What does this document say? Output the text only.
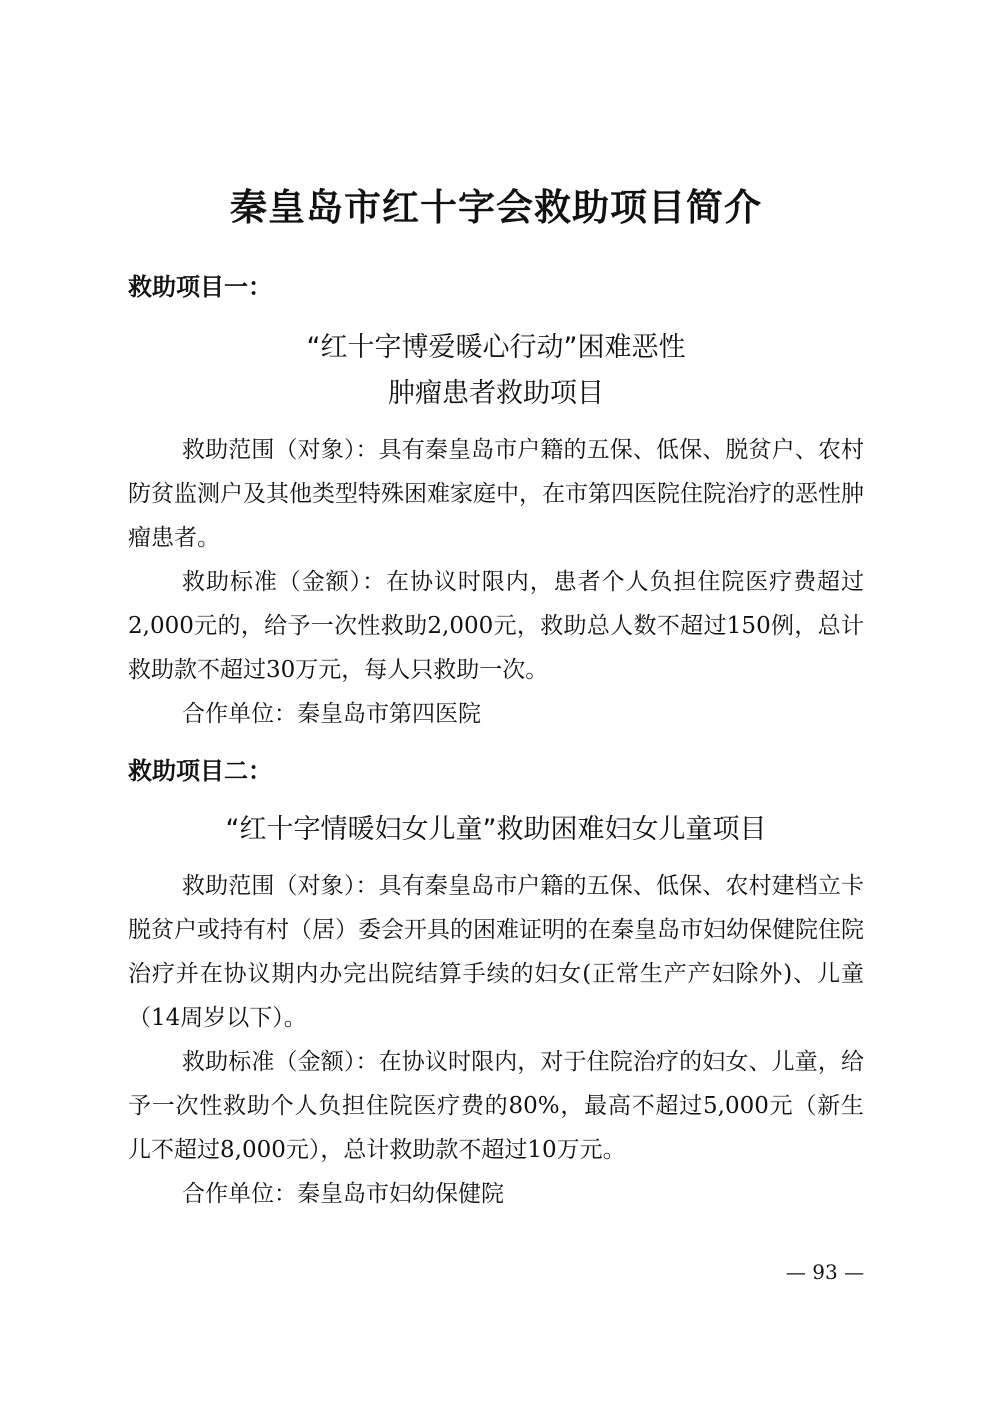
秦皇岛市红十字会救助项目简介
救助项目一：
“红十字博爱暖心行动”困难恶性
肿瘤患者救助项目

救助范围（对象）：具有秦皇岛市户籍的五保、低保、脱贫户、农村防贫监测户及其他类型特殊困难家庭中，在市第四医院住院治疗的恶性肿瘤患者。

救助标准（金额）：在协议时限内，患者个人负担住院医疗费超过2,000元的，给予一次性救助2,000元，救助总人数不超过150例，总计救助款不超过30万元，每人只救助一次。

合作单位：秦皇岛市第四医院

救助项目二：
“红十字情暖妇女儿童”救助困难妇女儿童项目

救助范围（对象）：具有秦皇岛市户籍的五保、低保、农村建档立卡脱贫户或持有村（居）委会开具的困难证明的在秦皇岛市妇幼保健院住院治疗并在协议期内办完出院结算手续的妇女(正常生产产妇除外)、儿童（14周岁以下）。

救助标准（金额）：在协议时限内，对于住院治疗的妇女、儿童，给予一次性救助个人负担住院医疗费的80%，最高不超过5,000元（新生儿不超过8,000元），总计救助款不超过10万元。

合作单位：秦皇岛市妇幼保健院

— 93 —
